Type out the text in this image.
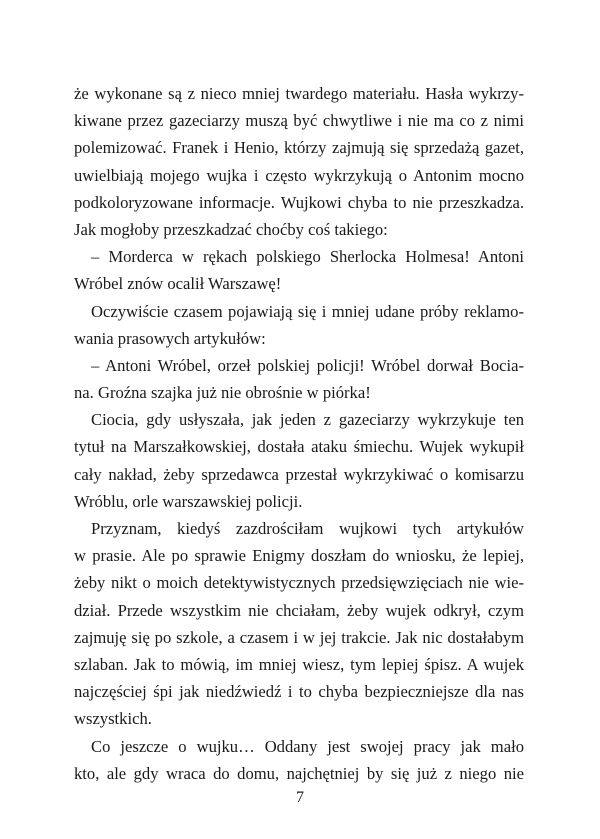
że wykonane są z nieco mniej twardego materiału. Hasła wykrzy-
kiwane przez gazeciarzy muszą być chwytliwe i nie ma co z nimi
polemizować. Franek i Henio, którzy zajmują się sprzedażą gazet,
uwielbiają mojego wujka i często wykrzykują o Antonim mocno
podkoloryzowane informacje. Wujkowi chyba to nie przeszkadza.
Jak mogłoby przeszkadzać choćby coś takiego:
– Morderca w rękach polskiego Sherlocka Holmesa! Antoni
Wróbel znów ocalił Warszawę!
Oczywiście czasem pojawiają się i mniej udane próby reklamo-
wania prasowych artykułów:
– Antoni Wróbel, orzeł polskiej policji! Wróbel dorwał Bocia-
na. Groźna szajka już nie obrośnie w piórka!
Ciocia, gdy usłyszała, jak jeden z gazeciarzy wykrzykuje ten
tytuł na Marszałkowskiej, dostała ataku śmiechu. Wujek wykupił
cały nakład, żeby sprzedawca przestał wykrzykiwać o komisarzu
Wróblu, orle warszawskiej policji.
Przyznam, kiedyś zazdrościłam wujkowi tych artykułów
w prasie. Ale po sprawie Enigmy doszłam do wniosku, że lepiej,
żeby nikt o moich detektywistycznych przedsięwzięciach nie wie-
dział. Przede wszystkim nie chciałam, żeby wujek odkrył, czym
zajmuję się po szkole, a czasem i w jej trakcie. Jak nic dostałabym
szlaban. Jak to mówią, im mniej wiesz, tym lepiej śpisz. A wujek
najczęściej śpi jak niedźwiedź i to chyba bezpieczniejsze dla nas
wszystkich.
Co jeszcze o wujku… Oddany jest swojej pracy jak mało
kto, ale gdy wraca do domu, najchętniej by się już z niego nie
7
